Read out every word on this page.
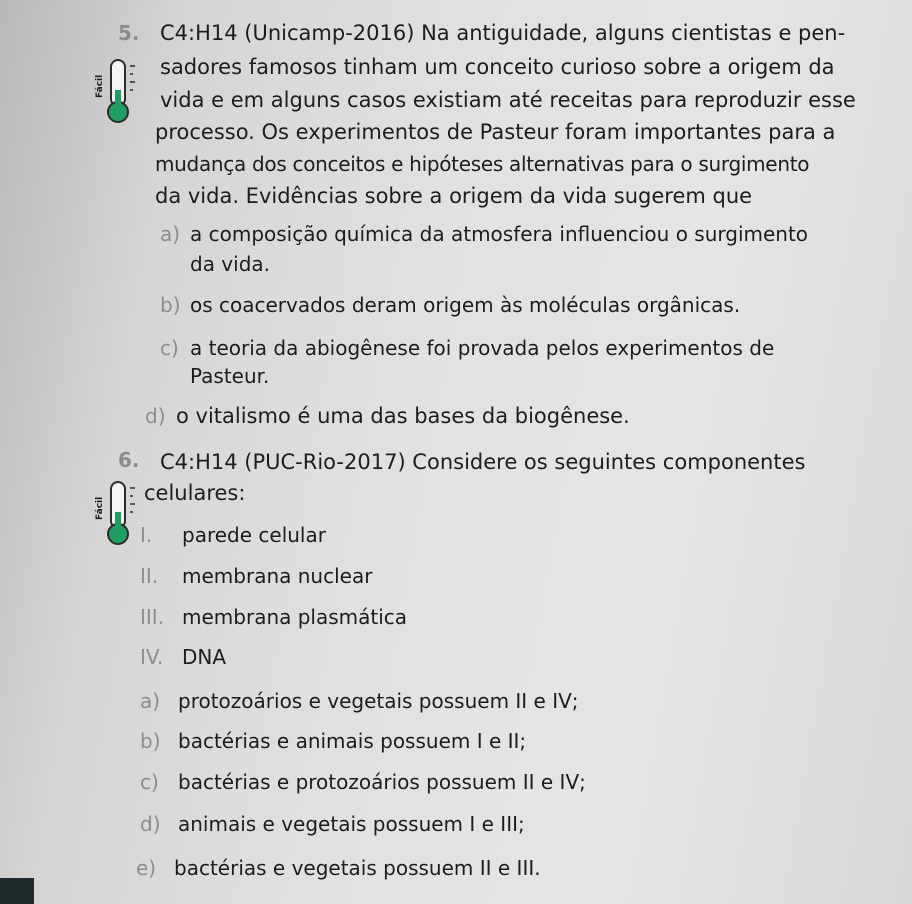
5. C4:H14 (Unicamp-2016) Na antiguidade, alguns cientistas e pen-
Fácil
sadores famosos tinham um conceito curioso sobre a origem da
vida e em alguns casos existiam até receitas para reproduzir esse
processo. Os experimentos de Pasteur foram importantes para a
mudança dos conceitos e hipóteses alternativas para o surgimento
da vida. Evidências sobre a origem da vida sugerem que
a) a composição química da atmosfera influenciou o surgimento
da vida.
b) os coacervados deram origem às moléculas orgânicas.
c) a teoria da abiogênese foi provada pelos experimentos de
Pasteur.
d) o vitalismo é uma das bases da biogênese.
6. C4:H14 (PUC-Rio-2017) Considere os seguintes componentes
Fácil
celulares:
I. parede celular
II. membrana nuclear
III. membrana plasmática
IV. DNA
a) protozoários e vegetais possuem II e IV;
b) bactérias e animais possuem I e II;
c) bactérias e protozoários possuem II e IV;
d) animais e vegetais possuem I e III;
e) bactérias e vegetais possuem II e III.
